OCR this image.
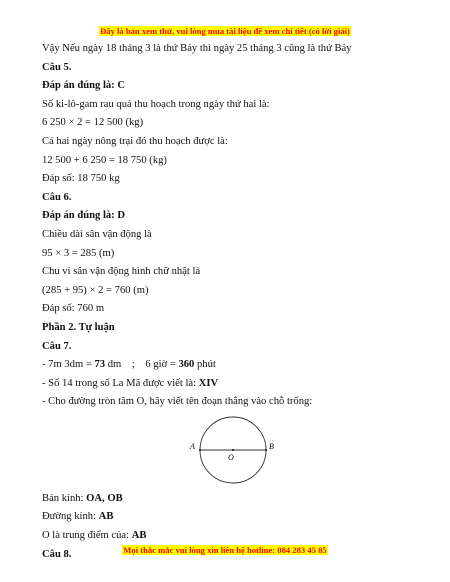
Đây là bản xem thử, vui lòng mua tài liệu để xem chi tiết (có lời giải)
Vậy Nếu ngày 18 tháng 3 là thứ Bảy thì ngày 25 tháng 3 cũng là thứ Bảy
Câu 5.
Đáp án đúng là: C
Số ki-lô-gam rau quả thu hoạch trong ngày thứ hai là:
6 250 × 2 = 12 500 (kg)
Cả hai ngày nông trại đó thu hoạch được là:
12 500 + 6 250 = 18 750 (kg)
Đáp số: 18 750 kg
Câu 6.
Đáp án đúng là: D
Chiều dài sân vận động là
95 × 3 = 285 (m)
Chu vi sân vận động hình chữ nhật là
(285 + 95) × 2 = 760 (m)
Đáp số: 760 m
Phần 2. Tự luận
Câu 7.
- 7m 3dm = 73 dm    ;    6 giờ = 360 phút
- Số 14 trong số La Mã được viết là: XIV
- Cho đường tròn tâm O, hãy viết tên đoạn thẳng vào chỗ trống:
A	B
O
Bán kính: OA, OB
Đường kính: AB
O là trung điểm của: AB
Câu 8.	Mọi thắc mắc vui lòng xin liên hệ hotline: 084 283 45 85
